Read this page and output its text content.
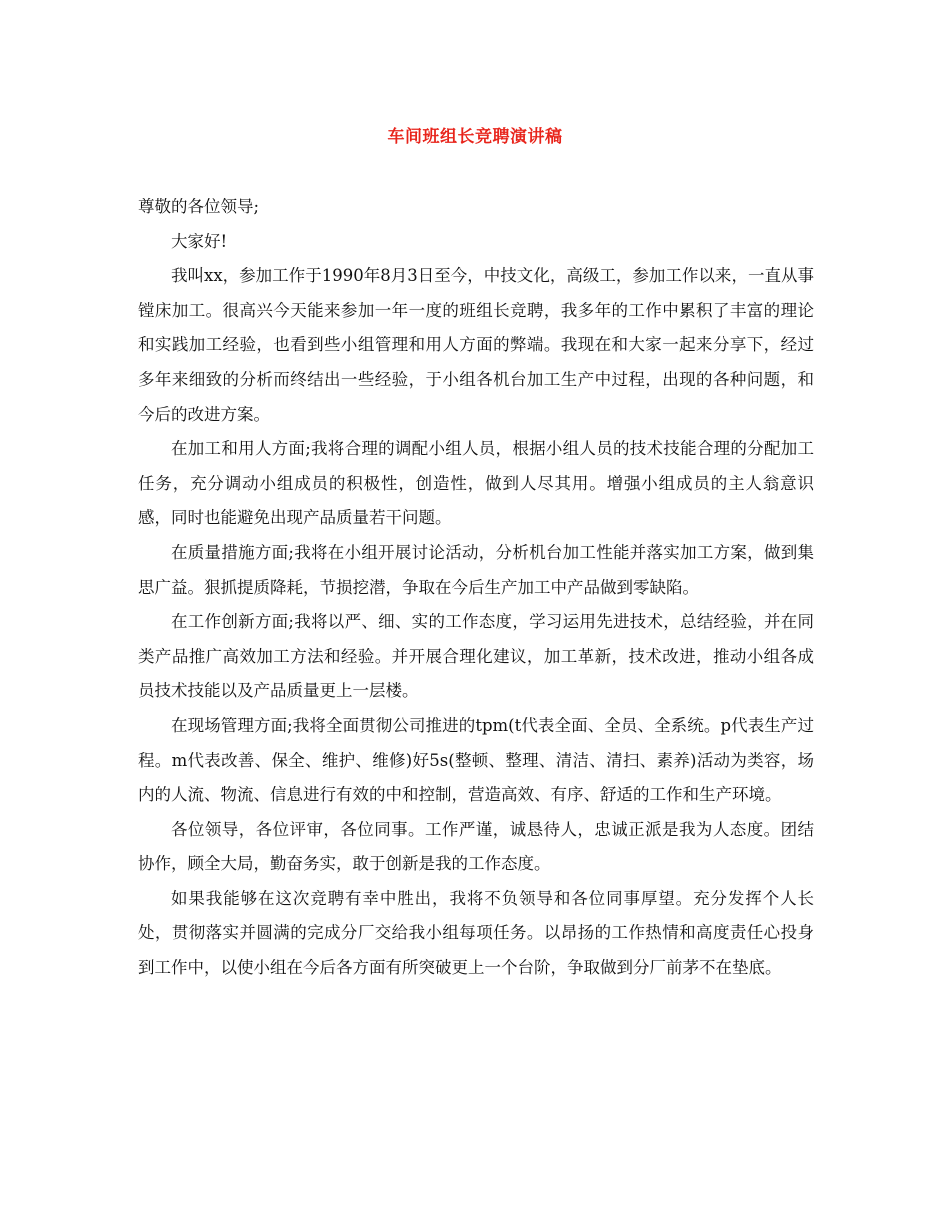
车间班组长竞聘演讲稿

尊敬的各位领导;

大家好!

我叫xx，参加工作于1990年8月3日至今，中技文化，高级工，参加工作以来，一直从事镗床加工。很高兴今天能来参加一年一度的班组长竞聘，我多年的工作中累积了丰富的理论和实践加工经验，也看到些小组管理和用人方面的弊端。我现在和大家一起来分享下，经过多年来细致的分析而终结出一些经验，于小组各机台加工生产中过程，出现的各种问题，和今后的改进方案。

在加工和用人方面;我将合理的调配小组人员，根据小组人员的技术技能合理的分配加工任务，充分调动小组成员的积极性，创造性，做到人尽其用。增强小组成员的主人翁意识感，同时也能避免出现产品质量若干问题。

在质量措施方面;我将在小组开展讨论活动，分析机台加工性能并落实加工方案，做到集思广益。狠抓提质降耗，节损挖潜，争取在今后生产加工中产品做到零缺陷。

在工作创新方面;我将以严、细、实的工作态度，学习运用先进技术，总结经验，并在同类产品推广高效加工方法和经验。并开展合理化建议，加工革新，技术改进，推动小组各成员技术技能以及产品质量更上一层楼。

在现场管理方面;我将全面贯彻公司推进的tpm(t代表全面、全员、全系统。p代表生产过程。m代表改善、保全、维护、维修)好5s(整顿、整理、清洁、清扫、素养)活动为类容，场内的人流、物流、信息进行有效的中和控制，营造高效、有序、舒适的工作和生产环境。

各位领导，各位评审，各位同事。工作严谨，诚恳待人，忠诚正派是我为人态度。团结协作，顾全大局，勤奋务实，敢于创新是我的工作态度。

如果我能够在这次竞聘有幸中胜出，我将不负领导和各位同事厚望。充分发挥个人长处，贯彻落实并圆满的完成分厂交给我小组每项任务。以昂扬的工作热情和高度责任心投身到工作中，以使小组在今后各方面有所突破更上一个台阶，争取做到分厂前茅不在垫底。
